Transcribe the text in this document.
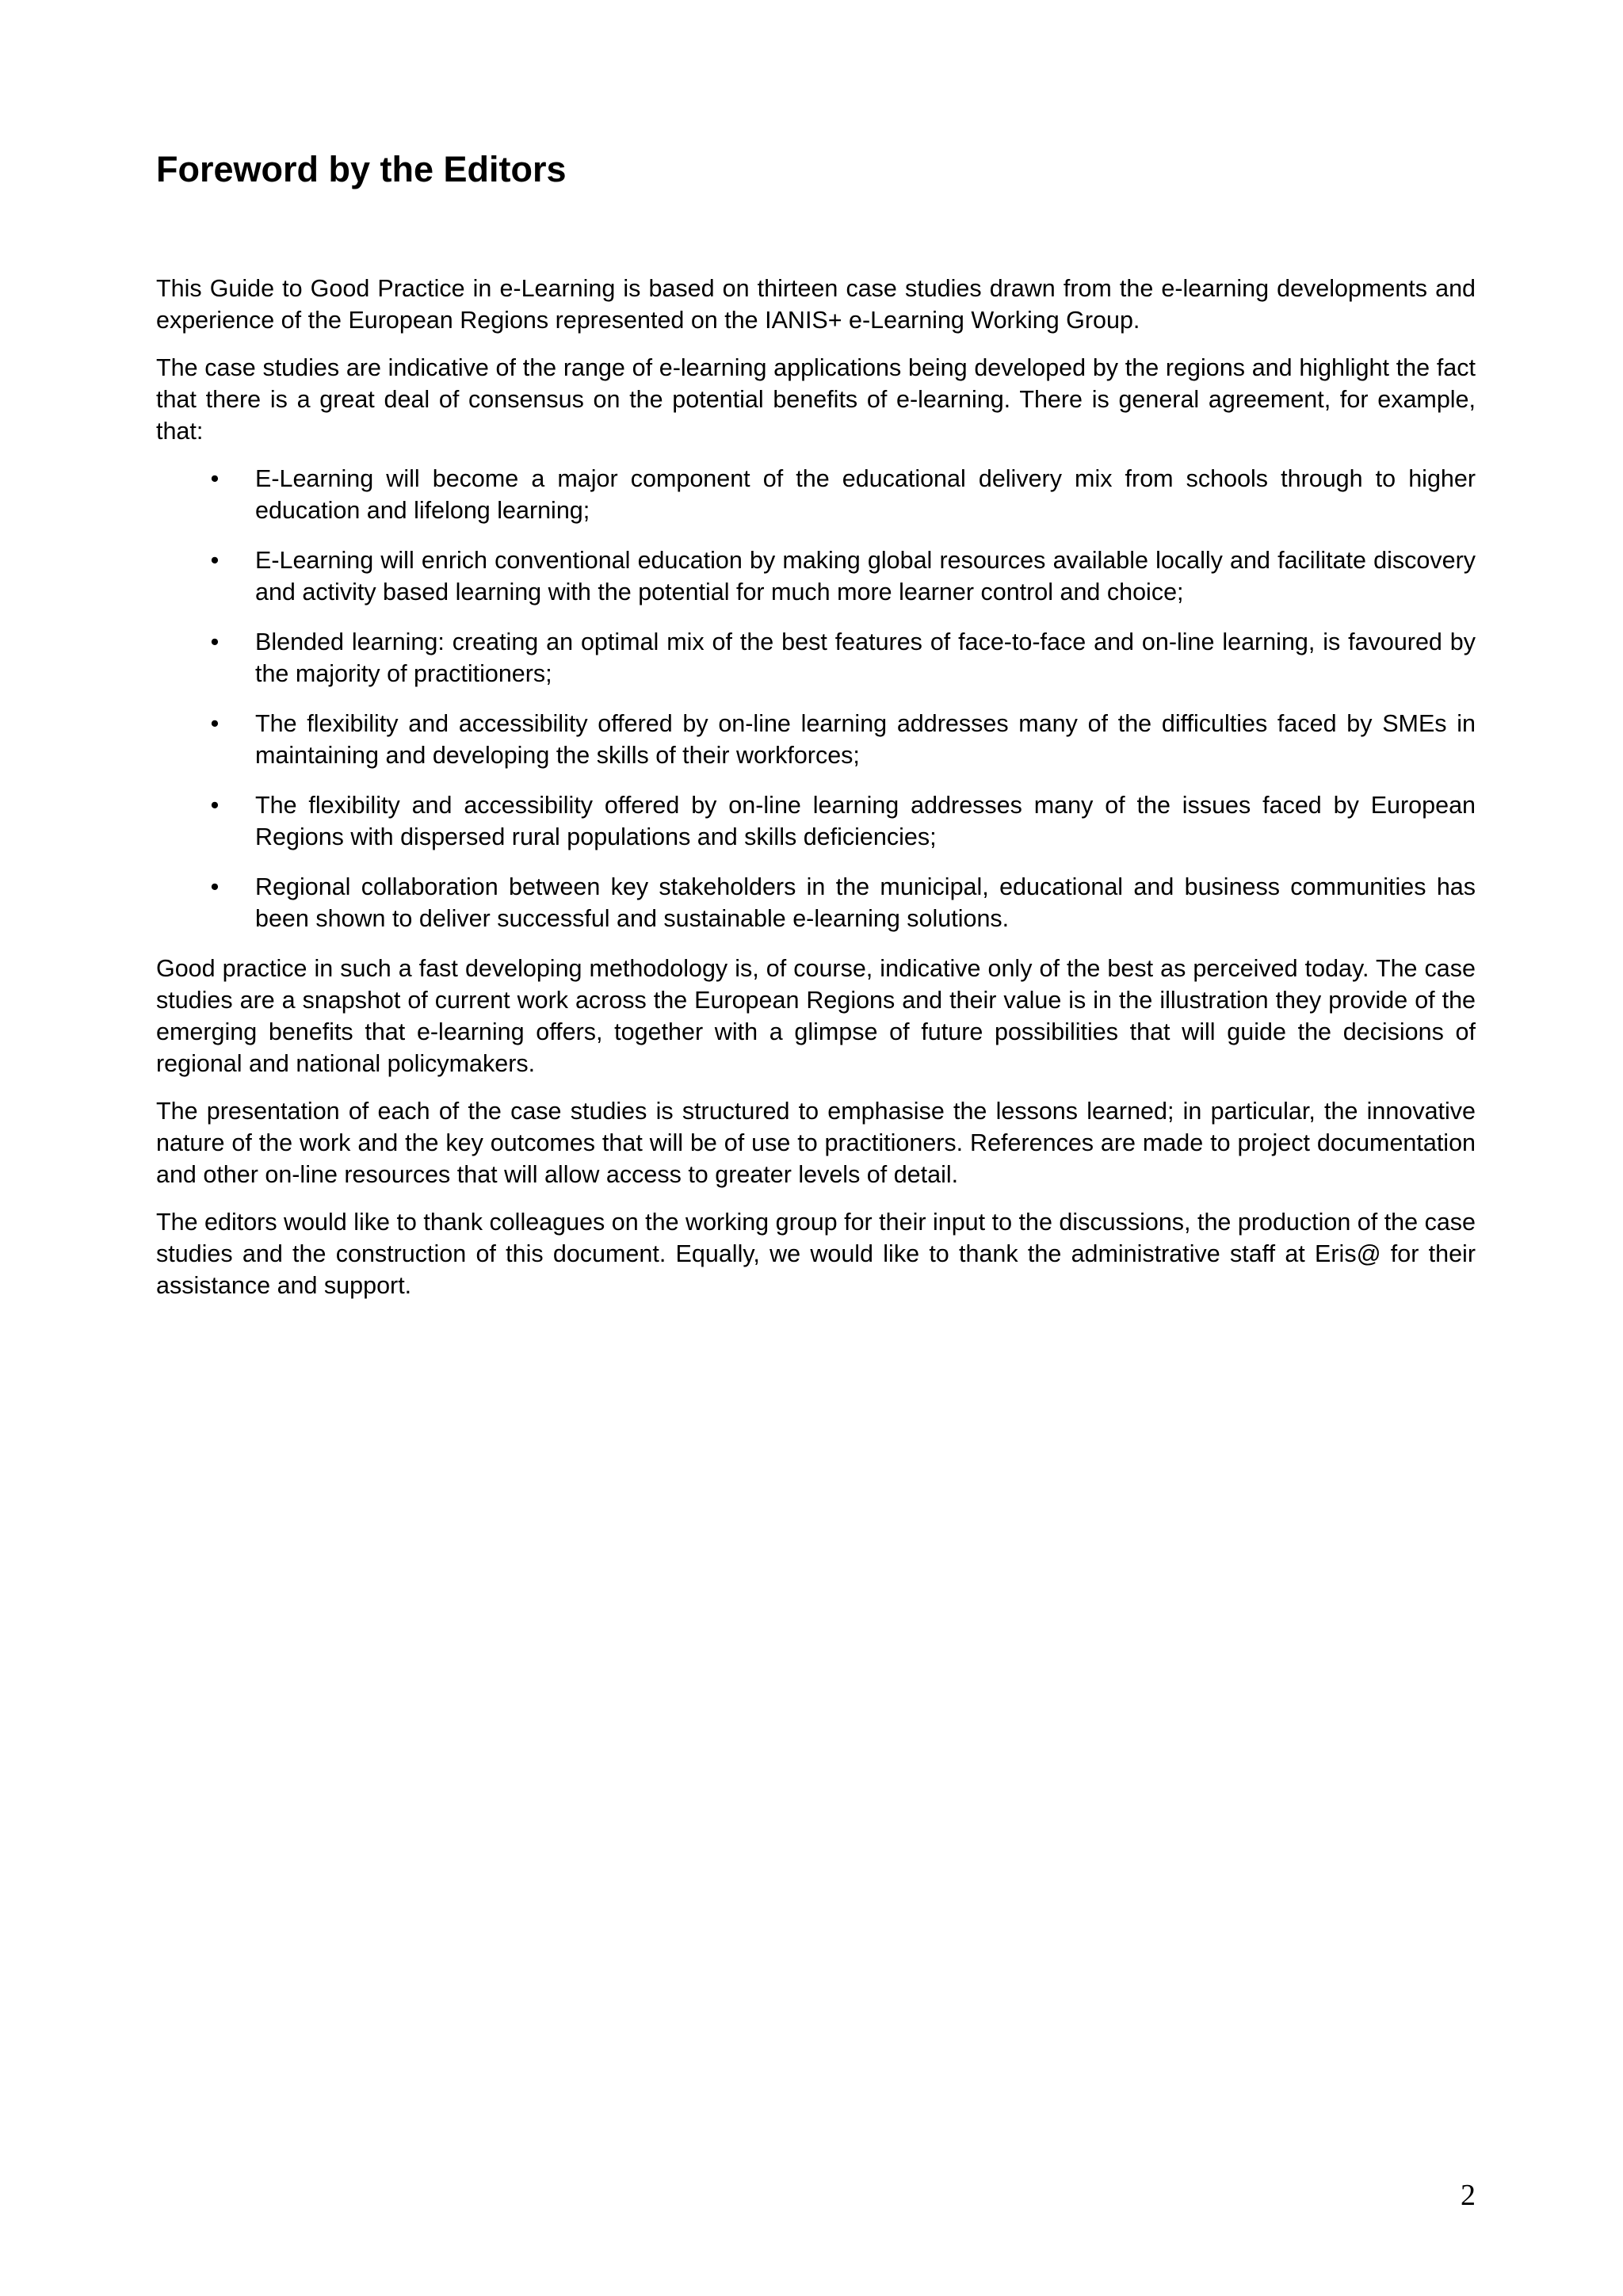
Foreword by the Editors

This Guide to Good Practice in e-Learning is based on thirteen case studies drawn from the e-learning developments and experience of the European Regions represented on the IANIS+ e-Learning Working Group.

The case studies are indicative of the range of e-learning applications being developed by the regions and highlight the fact that there is a great deal of consensus on the potential benefits of e-learning. There is general agreement, for example, that:

• E-Learning will become a major component of the educational delivery mix from schools through to higher education and lifelong learning;
• E-Learning will enrich conventional education by making global resources available locally and facilitate discovery and activity based learning with the potential for much more learner control and choice;
• Blended learning: creating an optimal mix of the best features of face-to-face and on-line learning, is favoured by the majority of practitioners;
• The flexibility and accessibility offered by on-line learning addresses many of the difficulties faced by SMEs in maintaining and developing the skills of their workforces;
• The flexibility and accessibility offered by on-line learning addresses many of the issues faced by European Regions with dispersed rural populations and skills deficiencies;
• Regional collaboration between key stakeholders in the municipal, educational and business communities has been shown to deliver successful and sustainable e-learning solutions.

Good practice in such a fast developing methodology is, of course, indicative only of the best as perceived today. The case studies are a snapshot of current work across the European Regions and their value is in the illustration they provide of the emerging benefits that e-learning offers, together with a glimpse of future possibilities that will guide the decisions of regional and national policymakers.

The presentation of each of the case studies is structured to emphasise the lessons learned; in particular, the innovative nature of the work and the key outcomes that will be of use to practitioners. References are made to project documentation and other on-line resources that will allow access to greater levels of detail.

The editors would like to thank colleagues on the working group for their input to the discussions, the production of the case studies and the construction of this document. Equally, we would like to thank the administrative staff at Eris@ for their assistance and support.

2
